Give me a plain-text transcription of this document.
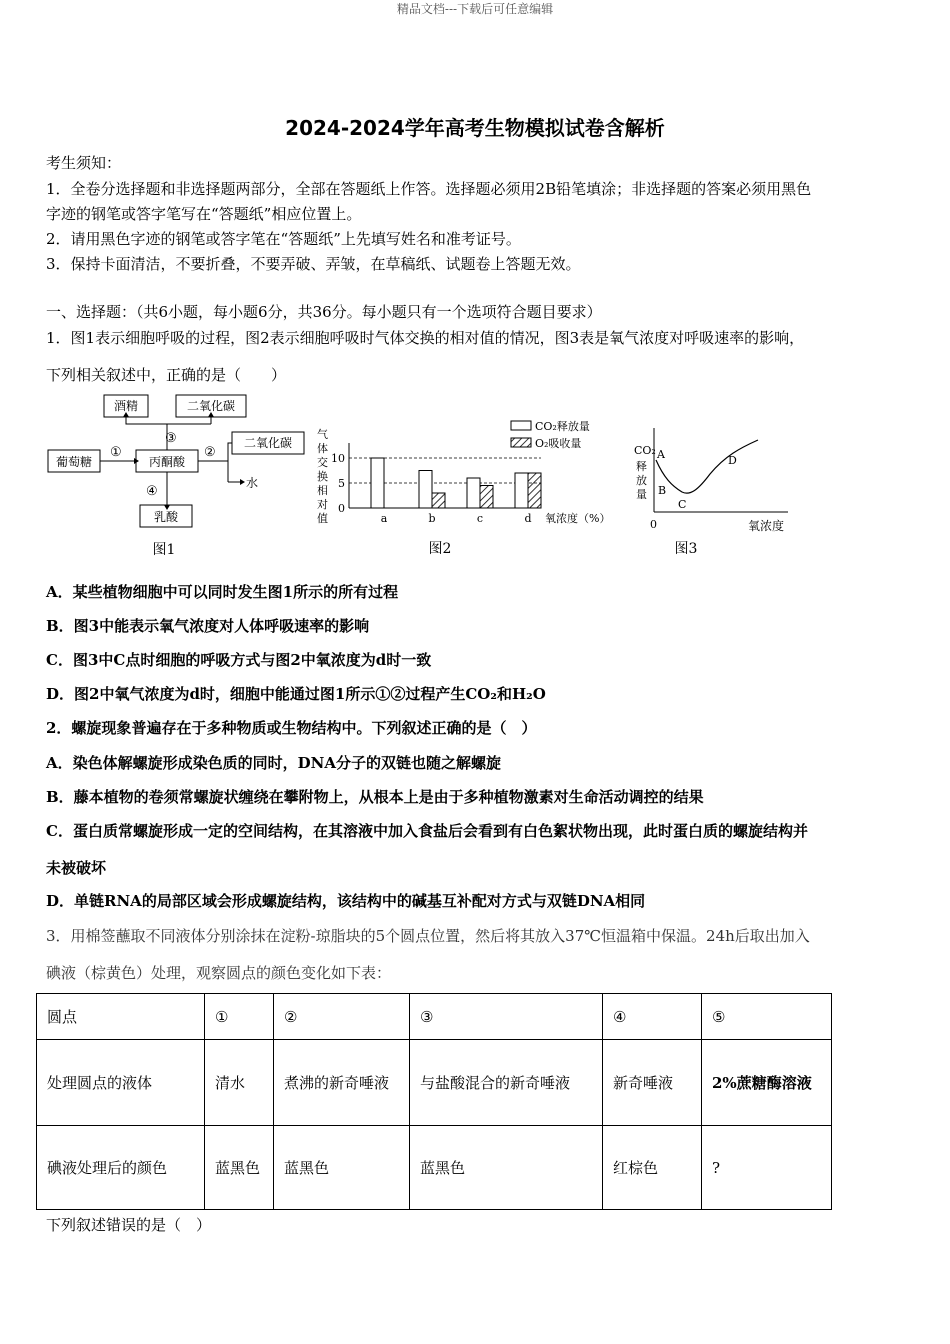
精品文档---下载后可任意编辑
2024-2024学年高考生物模拟试卷含解析
考生须知：
1．全卷分选择题和非选择题两部分，全部在答题纸上作答。选择题必须用2B铅笔填涂；非选择题的答案必须用黑色
字迹的钢笔或答字笔写在“答题纸”相应位置上。
2．请用黑色字迹的钢笔或答字笔在“答题纸”上先填写姓名和准考证号。
3．保持卡面清洁，不要折叠，不要弄破、弄皱，在草稿纸、试题卷上答题无效。
一、选择题：（共6小题，每小题6分，共36分。每小题只有一个选项符合题目要求）
1．图1表示细胞呼吸的过程，图2表示细胞呼吸时气体交换的相对值的情况，图3表是氧气浓度对呼吸速率的影响，
下列相关叙述中，正确的是（　　）
葡萄糖	丙酮酸
酒精	二氧化碳
二氧化碳
水
乳酸
①	②
③
④
图1
气
体
交
换
相
对
值
10
5
0
a	b	c	d
CO₂释放量
O₂吸收量
氧浓度（%）
图2
CO₂
释
放
量
0	氧浓度
A
B
C
D
图3
A．某些植物细胞中可以同时发生图1所示的所有过程
B．图3中能表示氧气浓度对人体呼吸速率的影响
C．图3中C点时细胞的呼吸方式与图2中氧浓度为d时一致
D．图2中氧气浓度为d时，细胞中能通过图1所示①②过程产生CO₂和H₂O
2．螺旋现象普遍存在于多种物质或生物结构中。下列叙述正确的是（　）
A．染色体解螺旋形成染色质的同时，DNA分子的双链也随之解螺旋
B．藤本植物的卷须常螺旋状缠绕在攀附物上，从根本上是由于多种植物激素对生命活动调控的结果
C．蛋白质常螺旋形成一定的空间结构，在其溶液中加入食盐后会看到有白色絮状物出现，此时蛋白质的螺旋结构并
未被破坏
D．单链RNA的局部区域会形成螺旋结构，该结构中的碱基互补配对方式与双链DNA相同
3．用棉签蘸取不同液体分别涂抹在淀粉-琼脂块的5个圆点位置，然后将其放入37℃恒温箱中保温。24h后取出加入
碘液（棕黄色）处理，观察圆点的颜色变化如下表：
圆点	①	②	③	④	⑤
处理圆点的液体	清水	煮沸的新奇唾液	与盐酸混合的新奇唾液	新奇唾液	2%蔗糖酶溶液
碘液处理后的颜色	蓝黑色	蓝黑色	蓝黑色	红棕色	?
下列叙述错误的是（　）
